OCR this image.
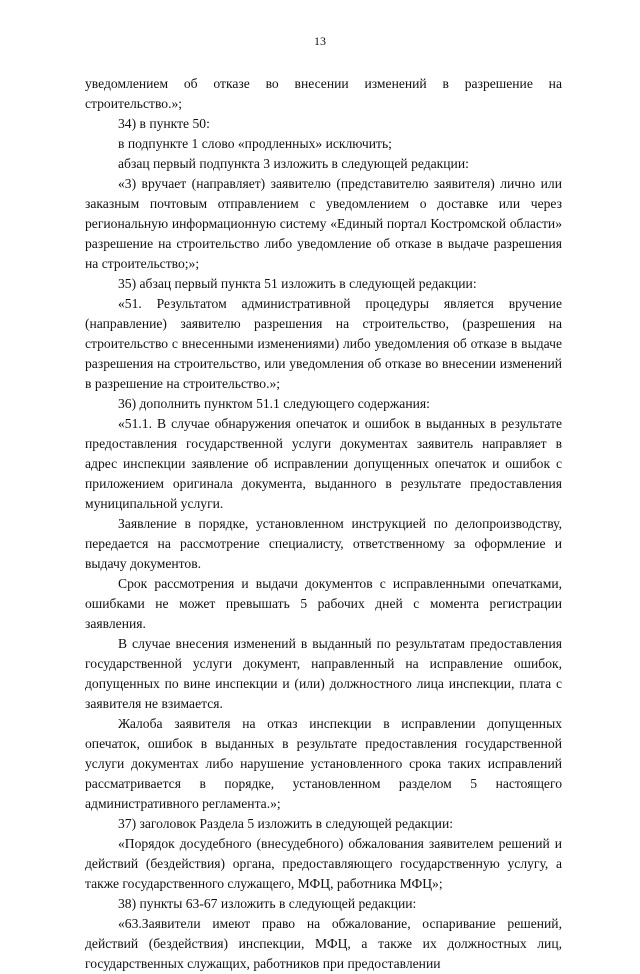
13

уведомлением об отказе во внесении изменений в разрешение на строительство.»;

34) в пункте 50:

в подпункте 1 слово «продленных» исключить;

абзац первый подпункта 3 изложить в следующей редакции:

«3) вручает (направляет) заявителю (представителю заявителя) лично или заказным почтовым отправлением с уведомлением о доставке или через региональную информационную систему «Единый портал Костромской области» разрешение на строительство либо уведомление об отказе в выдаче разрешения на строительство;»;

35) абзац первый пункта 51 изложить в следующей редакции:

«51. Результатом административной процедуры является вручение (направление) заявителю разрешения на строительство, (разрешения на строительство с внесенными изменениями) либо уведомления об отказе в выдаче разрешения на строительство, или уведомления об отказе во внесении изменений в разрешение на строительство.»;

36) дополнить пунктом 51.1 следующего содержания:

«51.1. В случае обнаружения опечаток и ошибок в выданных в результате предоставления государственной услуги документах заявитель направляет в адрес инспекции заявление об исправлении допущенных опечаток и ошибок с приложением оригинала документа, выданного в результате предоставления муниципальной услуги.

Заявление в порядке, установленном инструкцией по делопроизводству, передается на рассмотрение специалисту, ответственному за оформление и выдачу документов.

Срок рассмотрения и выдачи документов с исправленными опечатками, ошибками не может превышать 5 рабочих дней с момента регистрации заявления.

В случае внесения изменений в выданный по результатам предоставления государственной услуги документ, направленный на исправление ошибок, допущенных по вине инспекции и (или) должностного лица инспекции, плата с заявителя не взимается.

Жалоба заявителя на отказ инспекции в исправлении допущенных опечаток, ошибок в выданных в результате предоставления государственной услуги документах либо нарушение установленного срока таких исправлений рассматривается в порядке, установленном разделом 5 настоящего административного регламента.»;

37) заголовок Раздела 5 изложить в следующей редакции:

«Порядок досудебного (внесудебного) обжалования заявителем решений и действий (бездействия) органа, предоставляющего государственную услугу, а также государственного служащего, МФЦ, работника МФЦ»;

38) пункты 63-67 изложить в следующей редакции:

«63.Заявители имеют право на обжалование, оспаривание решений, действий (бездействия) инспекции, МФЦ, а также их должностных лиц, государственных служащих, работников при предоставлении
